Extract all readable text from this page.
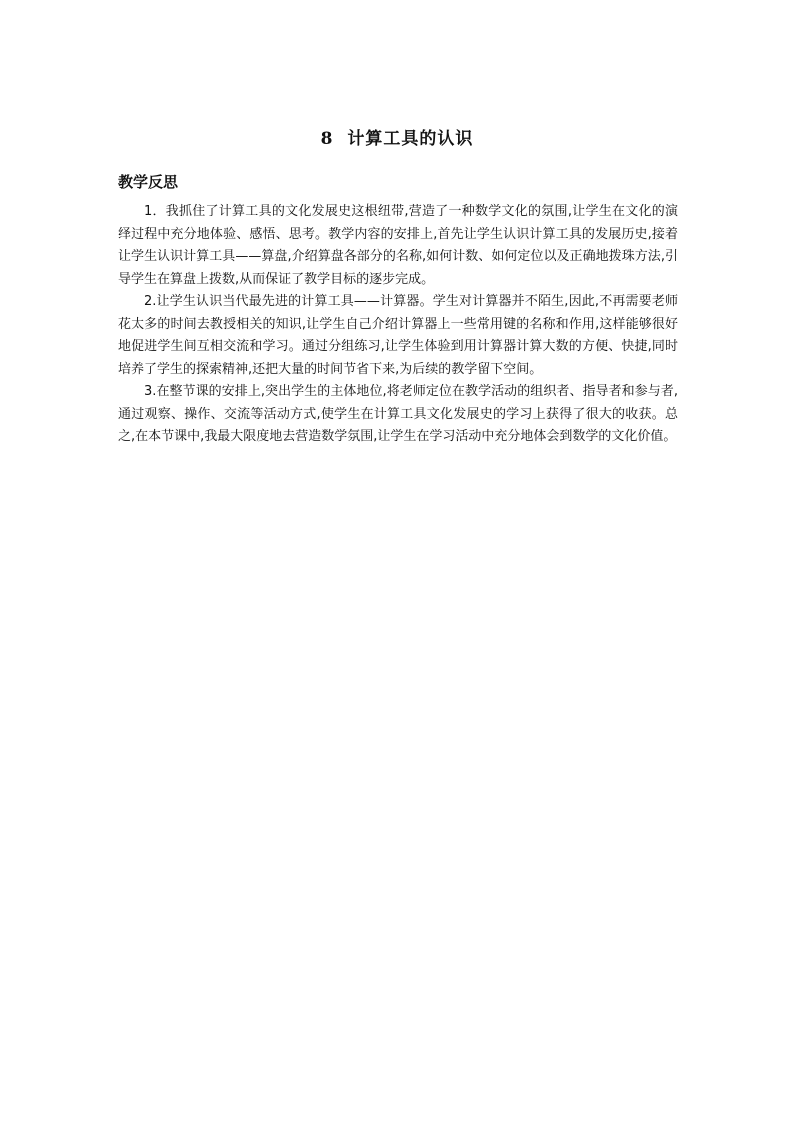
8 计算工具的认识
教学反思

1．我抓住了计算工具的文化发展史这根纽带,营造了一种数学文化的氛围,让学生在文化的演绎过程中充分地体验、感悟、思考。教学内容的安排上,首先让学生认识计算工具的发展历史,接着让学生认识计算工具——算盘,介绍算盘各部分的名称,如何计数、如何定位以及正确地拨珠方法,引导学生在算盘上拨数,从而保证了教学目标的逐步完成。

2.让学生认识当代最先进的计算工具——计算器。学生对计算器并不陌生,因此,不再需要老师花太多的时间去教授相关的知识,让学生自己介绍计算器上一些常用键的名称和作用,这样能够很好地促进学生间互相交流和学习。通过分组练习,让学生体验到用计算器计算大数的方便、快捷,同时培养了学生的探索精神,还把大量的时间节省下来,为后续的教学留下空间。

3.在整节课的安排上,突出学生的主体地位,将老师定位在教学活动的组织者、指导者和参与者,通过观察、操作、交流等活动方式,使学生在计算工具文化发展史的学习上获得了很大的收获。总之,在本节课中,我最大限度地去营造数学氛围,让学生在学习活动中充分地体会到数学的文化价值。
